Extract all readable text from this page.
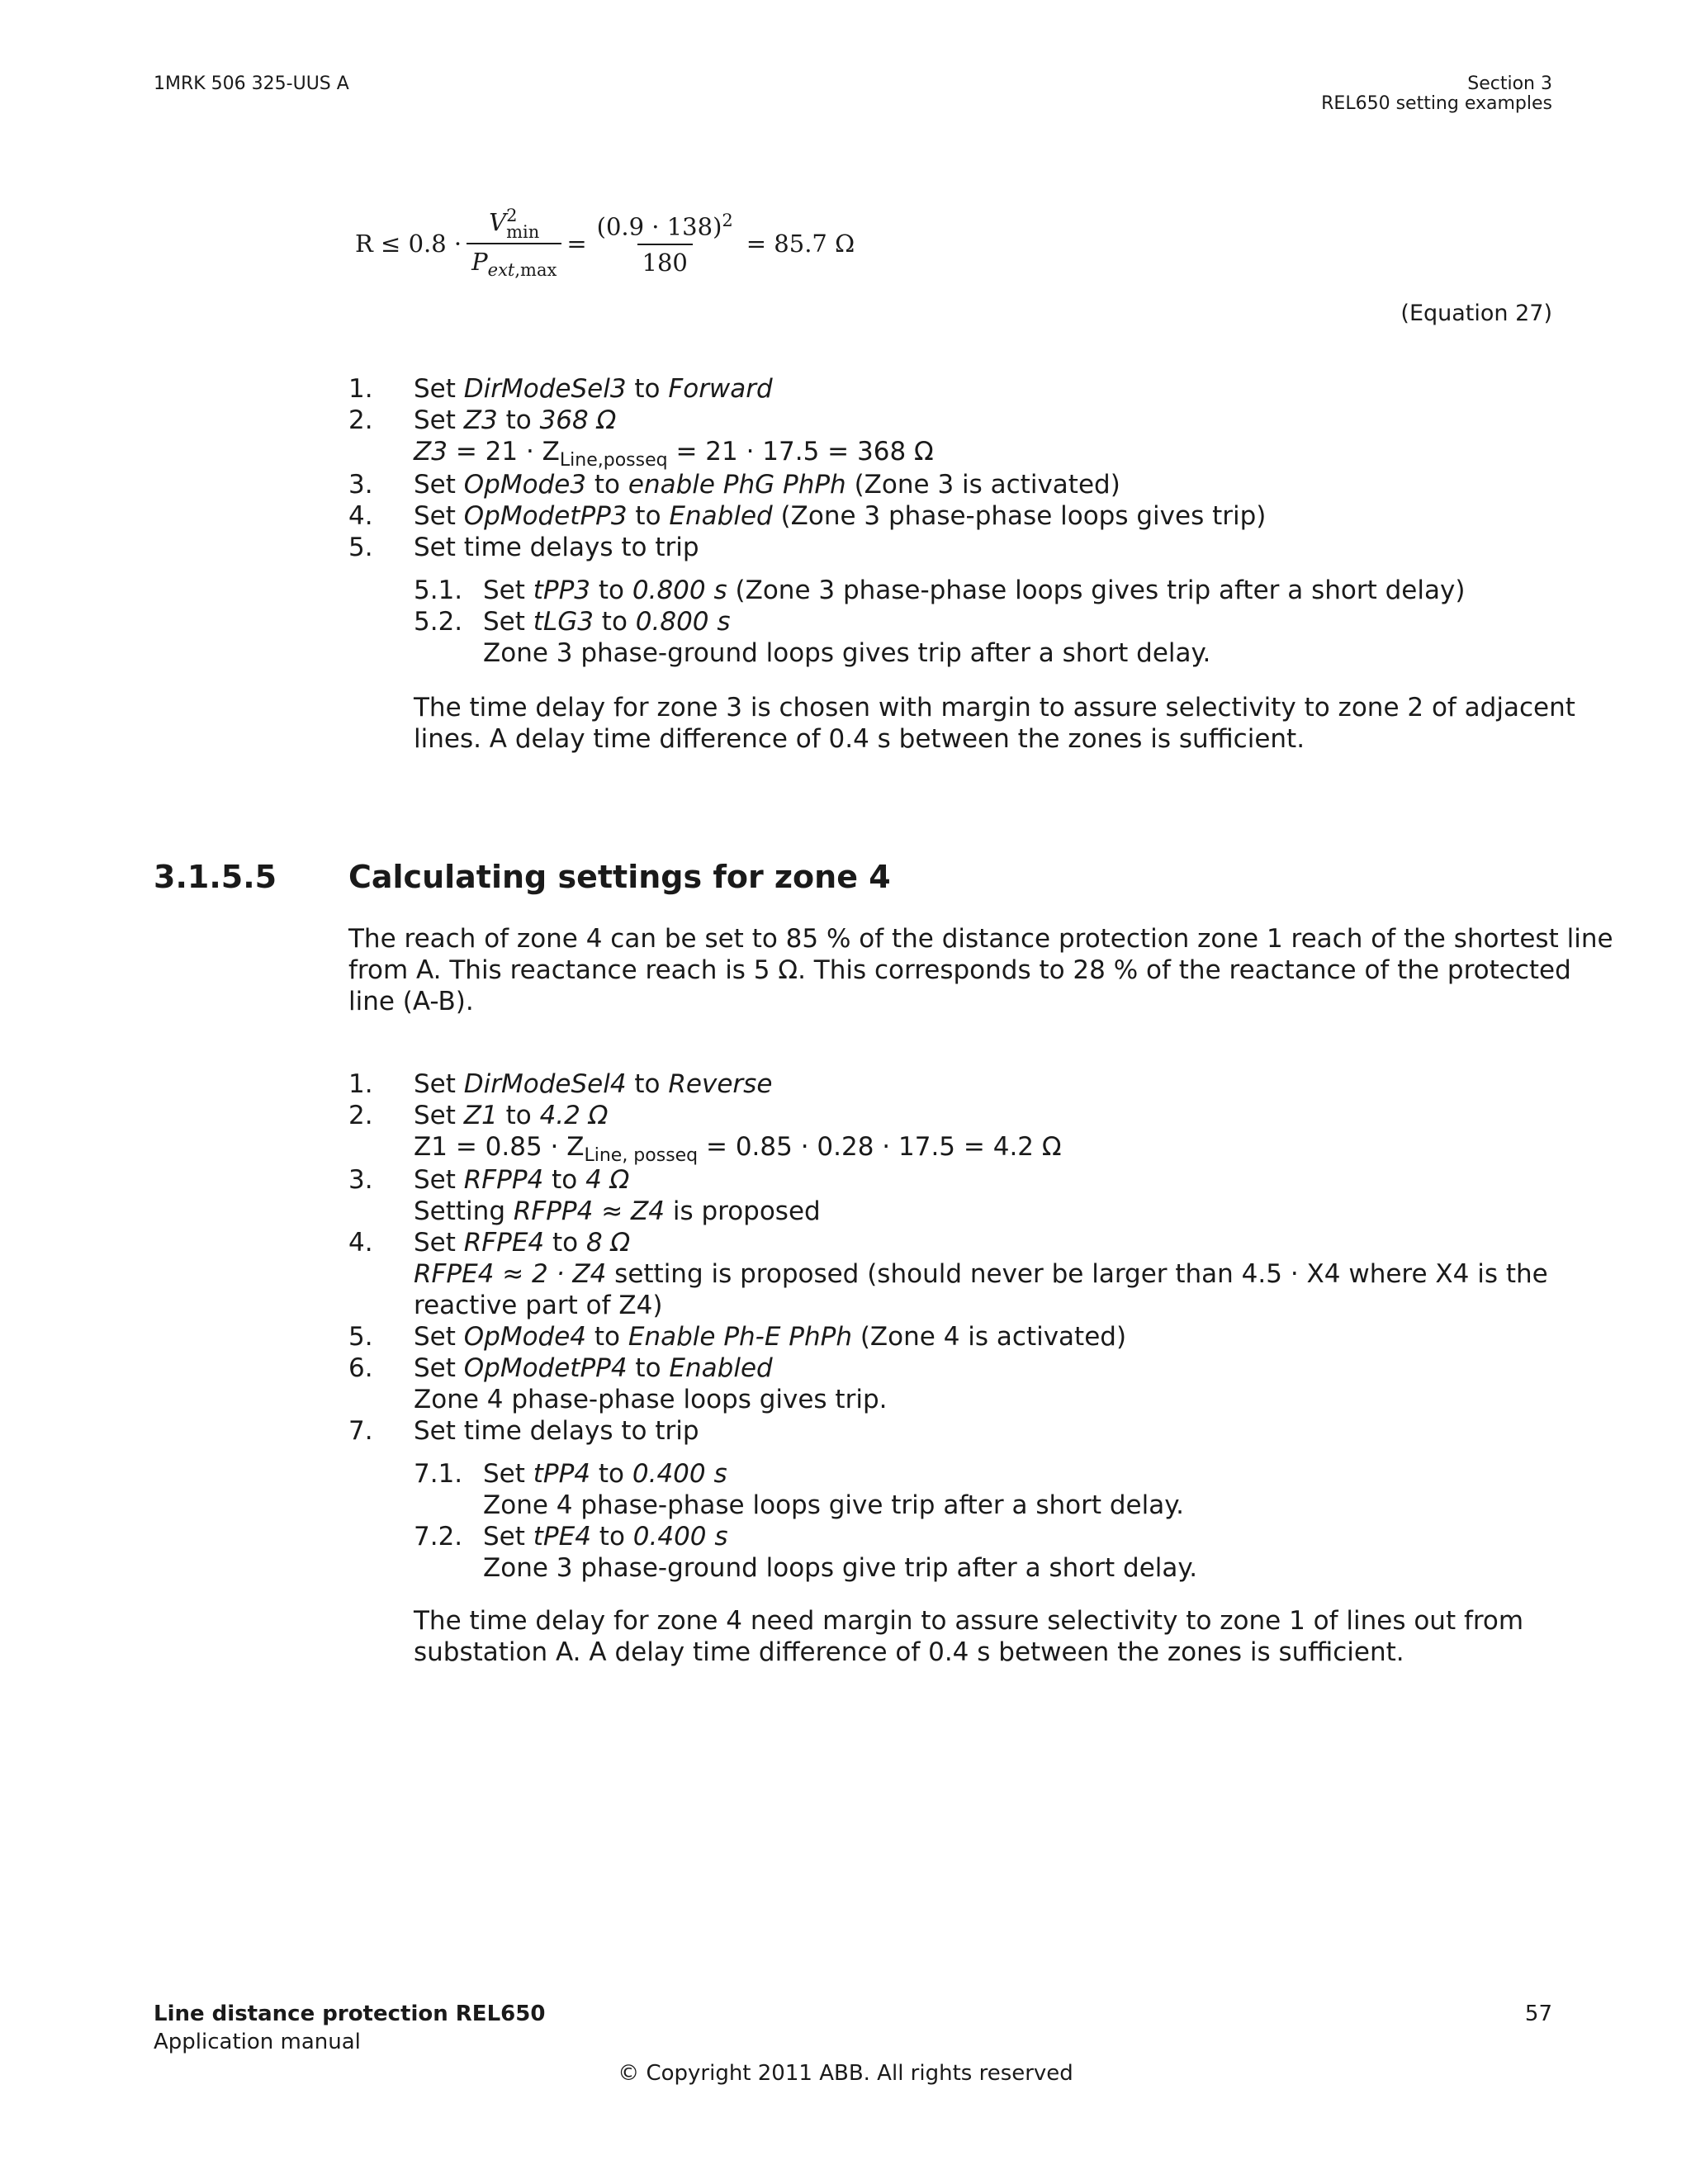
1MRK 506 325-UUS A	Section 3
REL650 setting examples
R ≤ 0.8 · V 2
min
$P_{ext,max} = \frac{(0.9 \cdot 138)^2}{180} = 85.7$ Ω
(Equation 27)
1. Set DirModeSel3 to Forward
2. Set Z3 to 368 Ω
$Z3 = 21 \cdot Z_{Line,posseq} = 21 \cdot 17.5 = 368$ Ω
3. Set OpMode3 to enable PhG PhPh (Zone 3 is activated)
4. Set OpModetPP3 to Enabled (Zone 3 phase-phase loops gives trip)
5. Set time delays to trip
5.1. Set tPP3 to 0.800 s (Zone 3 phase-phase loops gives trip after a short delay)
5.2. Set tLG3 to 0.800 s
Zone 3 phase-ground loops gives trip after a short delay.
The time delay for zone 3 is chosen with margin to assure selectivity to zone 2 of adjacent
lines. A delay time difference of 0.4 s between the zones is sufficient.
3.1.5.5 Calculating settings for zone 4
The reach of zone 4 can be set to 85 % of the distance protection zone 1 reach of the shortest line
from A. This reactance reach is 5 Ω. This corresponds to 28 % of the reactance of the protected
line (A-B).
1. Set DirModeSel4 to Reverse
2. Set Z1 to 4.2 Ω
$Z1 = 0.85 \cdot Z_{Line, posseq} = 0.85 \cdot 0.28 \cdot 17.5 = 4.2$ Ω
3. Set RFPP4 to 4 Ω
Setting RFPP4 ≈ Z4 is proposed
4. Set RFPE4 to 8 Ω
RFPE4 ≈ 2 · Z4 setting is proposed (should never be larger than 4.5 · X4 where X4 is the
reactive part of Z4)
5. Set OpMode4 to Enable Ph-E PhPh (Zone 4 is activated)
6. Set OpModetPP4 to Enabled
Zone 4 phase-phase loops gives trip.
7. Set time delays to trip
7.1. Set tPP4 to 0.400 s
Zone 4 phase-phase loops give trip after a short delay.
7.2. Set tPE4 to 0.400 s
Zone 3 phase-ground loops give trip after a short delay.
The time delay for zone 4 need margin to assure selectivity to zone 1 of lines out from
substation A. A delay time difference of 0.4 s between the zones is sufficient.
Line distance protection REL650
Application manual
57
© Copyright 2011 ABB. All rights reserved
